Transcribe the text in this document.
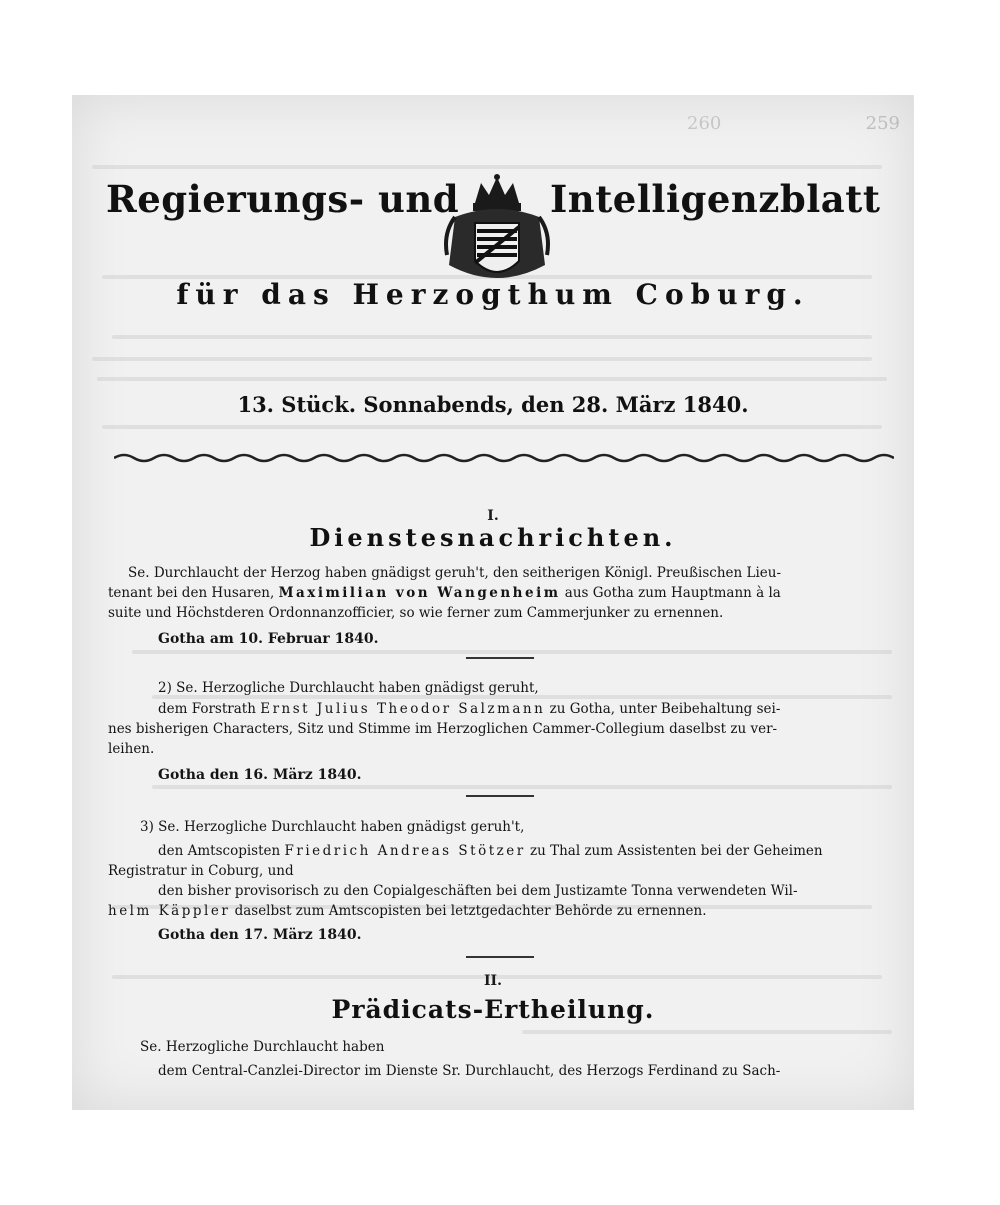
260	259
Regierungs- und Intelligenzblatt
für das Herzogthum Coburg.
13. Stück. Sonnabends, den 28. März 1840.
I.
Dienstesnachrichten.
Se. Durchlaucht der Herzog haben gnädigst geruh't, den seitherigen Königl. Preußischen Lieu-
tenant bei den Husaren, Maximilian von Wangenheim aus Gotha zum Hauptmann à la
suite und Höchstderen Ordonnanzofficier, so wie ferner zum Cammerjunker zu ernennen.
Gotha am 10. Februar 1840.
2) Se. Herzogliche Durchlaucht haben gnädigst geruht,
dem Forstrath Ernst Julius Theodor Salzmann zu Gotha, unter Beibehaltung sei-
nes bisherigen Characters, Sitz und Stimme im Herzoglichen Cammer-Collegium daselbst zu ver-
leihen.
Gotha den 16. März 1840.
3) Se. Herzogliche Durchlaucht haben gnädigst geruh't,
den Amtscopisten Friedrich Andreas Stötzer zu Thal zum Assistenten bei der Geheimen
Registratur in Coburg, und
den bisher provisorisch zu den Copialgeschäften bei dem Justizamte Tonna verwendeten Wil-
helm Käppler daselbst zum Amtscopisten bei letztgedachter Behörde zu ernennen.
Gotha den 17. März 1840.
II.
Prädicats-Ertheilung.
Se. Herzogliche Durchlaucht haben
dem Central-Canzlei-Director im Dienste Sr. Durchlaucht, des Herzogs Ferdinand zu Sach-
